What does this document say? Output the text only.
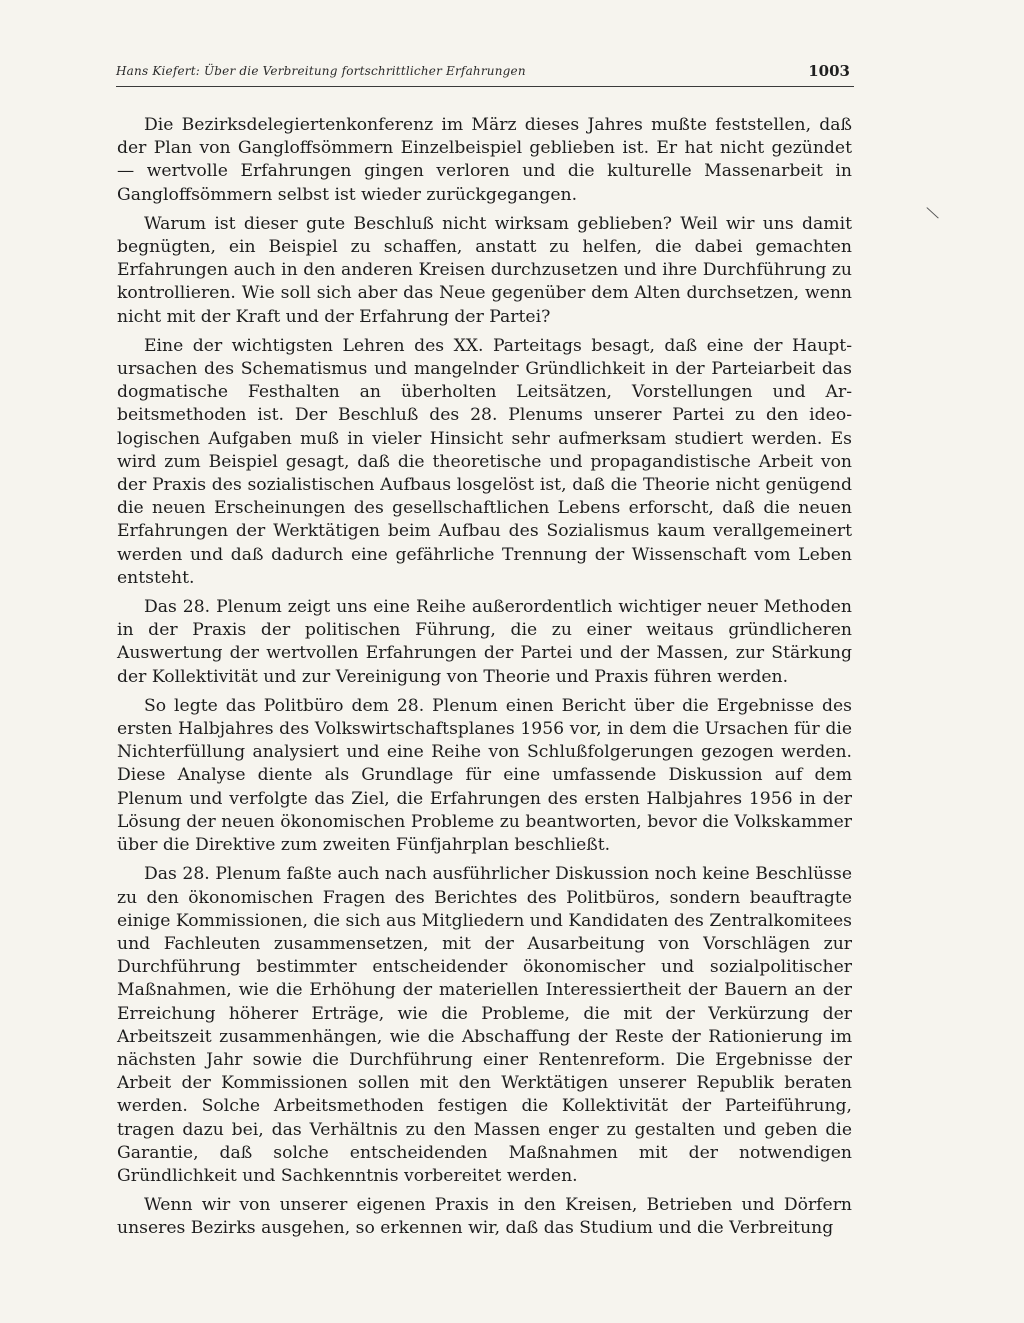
Hans Kiefert: Über die Verbreitung fortschrittlicher Erfahrungen	1003

Die Bezirksdelegiertenkonferenz im März dieses Jahres mußte feststellen, daß der Plan von Gangloffsömmern Einzelbeispiel geblieben ist. Er hat nicht gezündet — wertvolle Erfahrungen gingen verloren und die kulturelle Massenarbeit in Gangloffsömmern selbst ist wieder zurückgegangen.

Warum ist dieser gute Beschluß nicht wirksam geblieben? Weil wir uns damit begnügten, ein Beispiel zu schaffen, anstatt zu helfen, die dabei gemachten Erfahrungen auch in den anderen Kreisen durchzusetzen und ihre Durchführung zu kontrollieren. Wie soll sich aber das Neue gegenüber dem Alten durchsetzen, wenn nicht mit der Kraft und der Erfahrung der Partei?

Eine der wichtigsten Lehren des XX. Parteitags besagt, daß eine der Hauptursachen des Schematismus und mangelnder Gründlichkeit in der Parteiarbeit das dogmatische Festhalten an überholten Leitsätzen, Vorstellungen und Arbeitsmethoden ist. Der Beschluß des 28. Plenums unserer Partei zu den ideologischen Aufgaben muß in vieler Hinsicht sehr aufmerksam studiert werden. Es wird zum Beispiel gesagt, daß die theoretische und propagandistische Arbeit von der Praxis des sozialistischen Aufbaus losgelöst ist, daß die Theorie nicht genügend die neuen Erscheinungen des gesellschaftlichen Lebens erforscht, daß die neuen Erfahrungen der Werktätigen beim Aufbau des Sozialismus kaum verallgemeinert werden und daß dadurch eine gefährliche Trennung der Wissenschaft vom Leben entsteht.

Das 28. Plenum zeigt uns eine Reihe außerordentlich wichtiger neuer Methoden in der Praxis der politischen Führung, die zu einer weitaus gründlicheren Auswertung der wertvollen Erfahrungen der Partei und der Massen, zur Stärkung der Kollektivität und zur Vereinigung von Theorie und Praxis führen werden.

So legte das Politbüro dem 28. Plenum einen Bericht über die Ergebnisse des ersten Halbjahres des Volkswirtschaftsplanes 1956 vor, in dem die Ursachen für die Nichterfüllung analysiert und eine Reihe von Schlußfolgerungen gezogen werden. Diese Analyse diente als Grundlage für eine umfassende Diskussion auf dem Plenum und verfolgte das Ziel, die Erfahrungen des ersten Halbjahres 1956 in der Lösung der neuen ökonomischen Probleme zu beantworten, bevor die Volkskammer über die Direktive zum zweiten Fünfjahrplan beschließt.

Das 28. Plenum faßte auch nach ausführlicher Diskussion noch keine Beschlüsse zu den ökonomischen Fragen des Berichtes des Politbüros, sondern beauftragte einige Kommissionen, die sich aus Mitgliedern und Kandidaten des Zentralkomitees und Fachleuten zusammensetzen, mit der Ausarbeitung von Vorschlägen zur Durchführung bestimmter entscheidender ökonomischer und sozialpolitischer Maßnahmen, wie die Erhöhung der materiellen Interessiertheit der Bauern an der Erreichung höherer Erträge, wie die Probleme, die mit der Verkürzung der Arbeitszeit zusammenhängen, wie die Abschaffung der Reste der Rationierung im nächsten Jahr sowie die Durchführung einer Rentenreform. Die Ergebnisse der Arbeit der Kommissionen sollen mit den Werktätigen unserer Republik beraten werden. Solche Arbeitsmethoden festigen die Kollektivität der Parteiführung, tragen dazu bei, das Verhältnis zu den Massen enger zu gestalten und geben die Garantie, daß solche entscheidenden Maßnahmen mit der notwendigen Gründlichkeit und Sachkenntnis vorbereitet werden.

Wenn wir von unserer eigenen Praxis in den Kreisen, Betrieben und Dörfern unseres Bezirks ausgehen, so erkennen wir, daß das Studium und die Verbreitung

╲
